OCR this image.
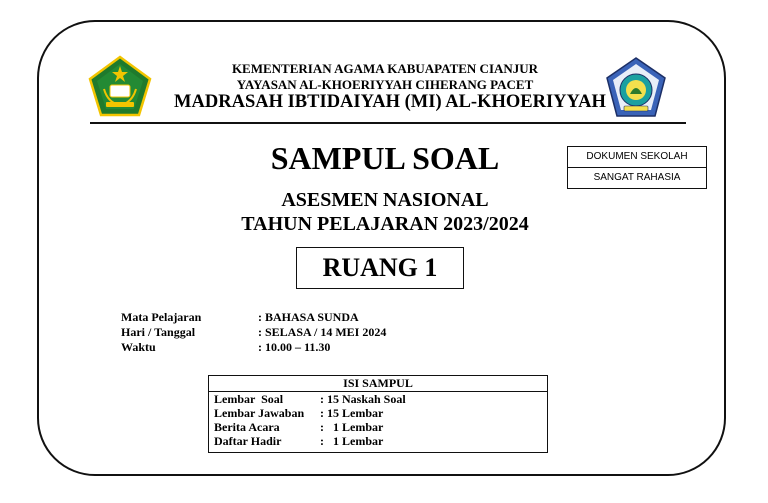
KEMENTERIAN AGAMA KABUAPATEN CIANJUR
YAYASAN AL-KHOERIYYAH CIHERANG PACET
MADRASAH IBTIDAIYAH (MI) AL-KHOERIYYAH
SAMPUL SOAL
ASESMEN NASIONAL
TAHUN PELAJARAN 2023/2024
RUANG 1
DOKUMEN SEKOLAH
SANGAT RAHASIA
Mata Pelajaran	: BAHASA SUNDA
Hari / Tanggal	: SELASA / 14 MEI 2024
Waktu	: 10.00 – 11.30
ISI SAMPUL
Lembar  Soal	: 15 Naskah Soal
Lembar Jawaban : 15 Lembar
Berita Acara	:   1 Lembar
Daftar Hadir	:   1 Lembar
